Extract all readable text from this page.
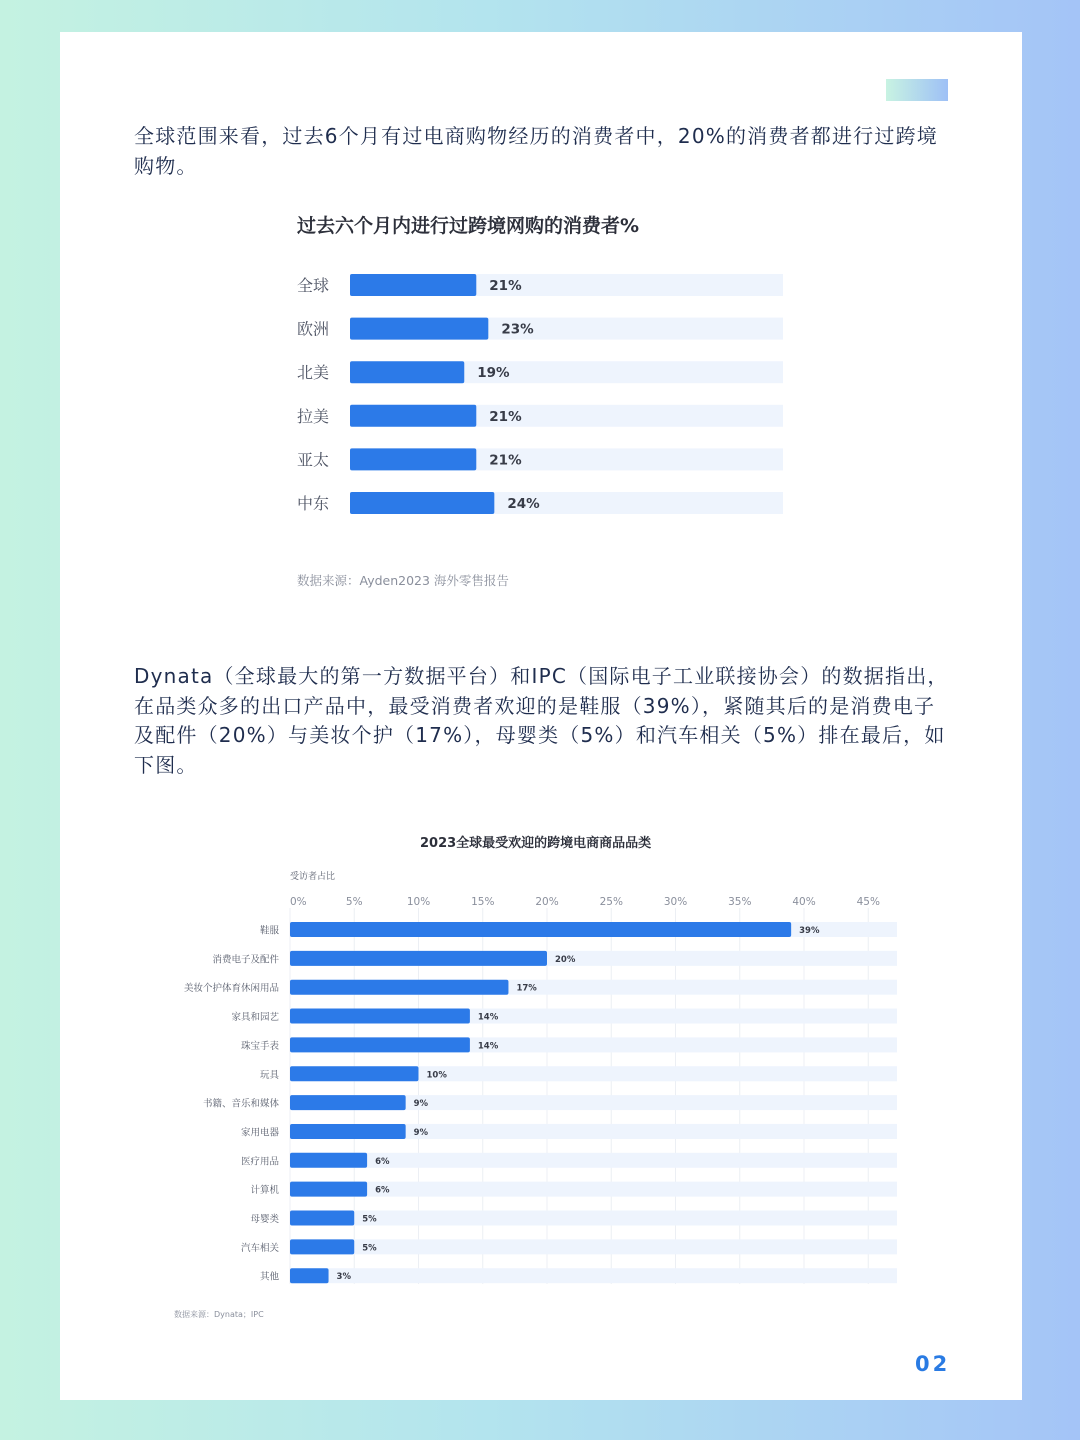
全球范围来看，过去6个月有过电商购物经历的消费者中，20%的消费者都进行过跨境购物。

过去六个月内进行过跨境网购的消费者%
全球	21%
欧洲	23%
北美	19%
拉美	21%
亚太	21%
中东	24%
数据来源：Ayden2023 海外零售报告

Dynata（全球最大的第一方数据平台）和IPC（国际电子工业联接协会）的数据指出，在品类众多的出口产品中，最受消费者欢迎的是鞋服（39%），紧随其后的是消费电子及配件（20%）与美妆个护（17%），母婴类（5%）和汽车相关（5%）排在最后，如下图。

2023全球最受欢迎的跨境电商商品品类
受访者占比
0%	5%	10%	15%	20%	25%	30%	35%	40%	45%
鞋服	39%
消费电子及配件	20%
美妆个护体育休闲用品	17%
家具和园艺	14%
珠宝手表	14%
玩具	10%
书籍、音乐和媒体	9%
家用电器	9%
医疗用品	6%
计算机	6%
母婴类	5%
汽车相关	5%
其他	3%
数据来源：Dynata；IPC
02
